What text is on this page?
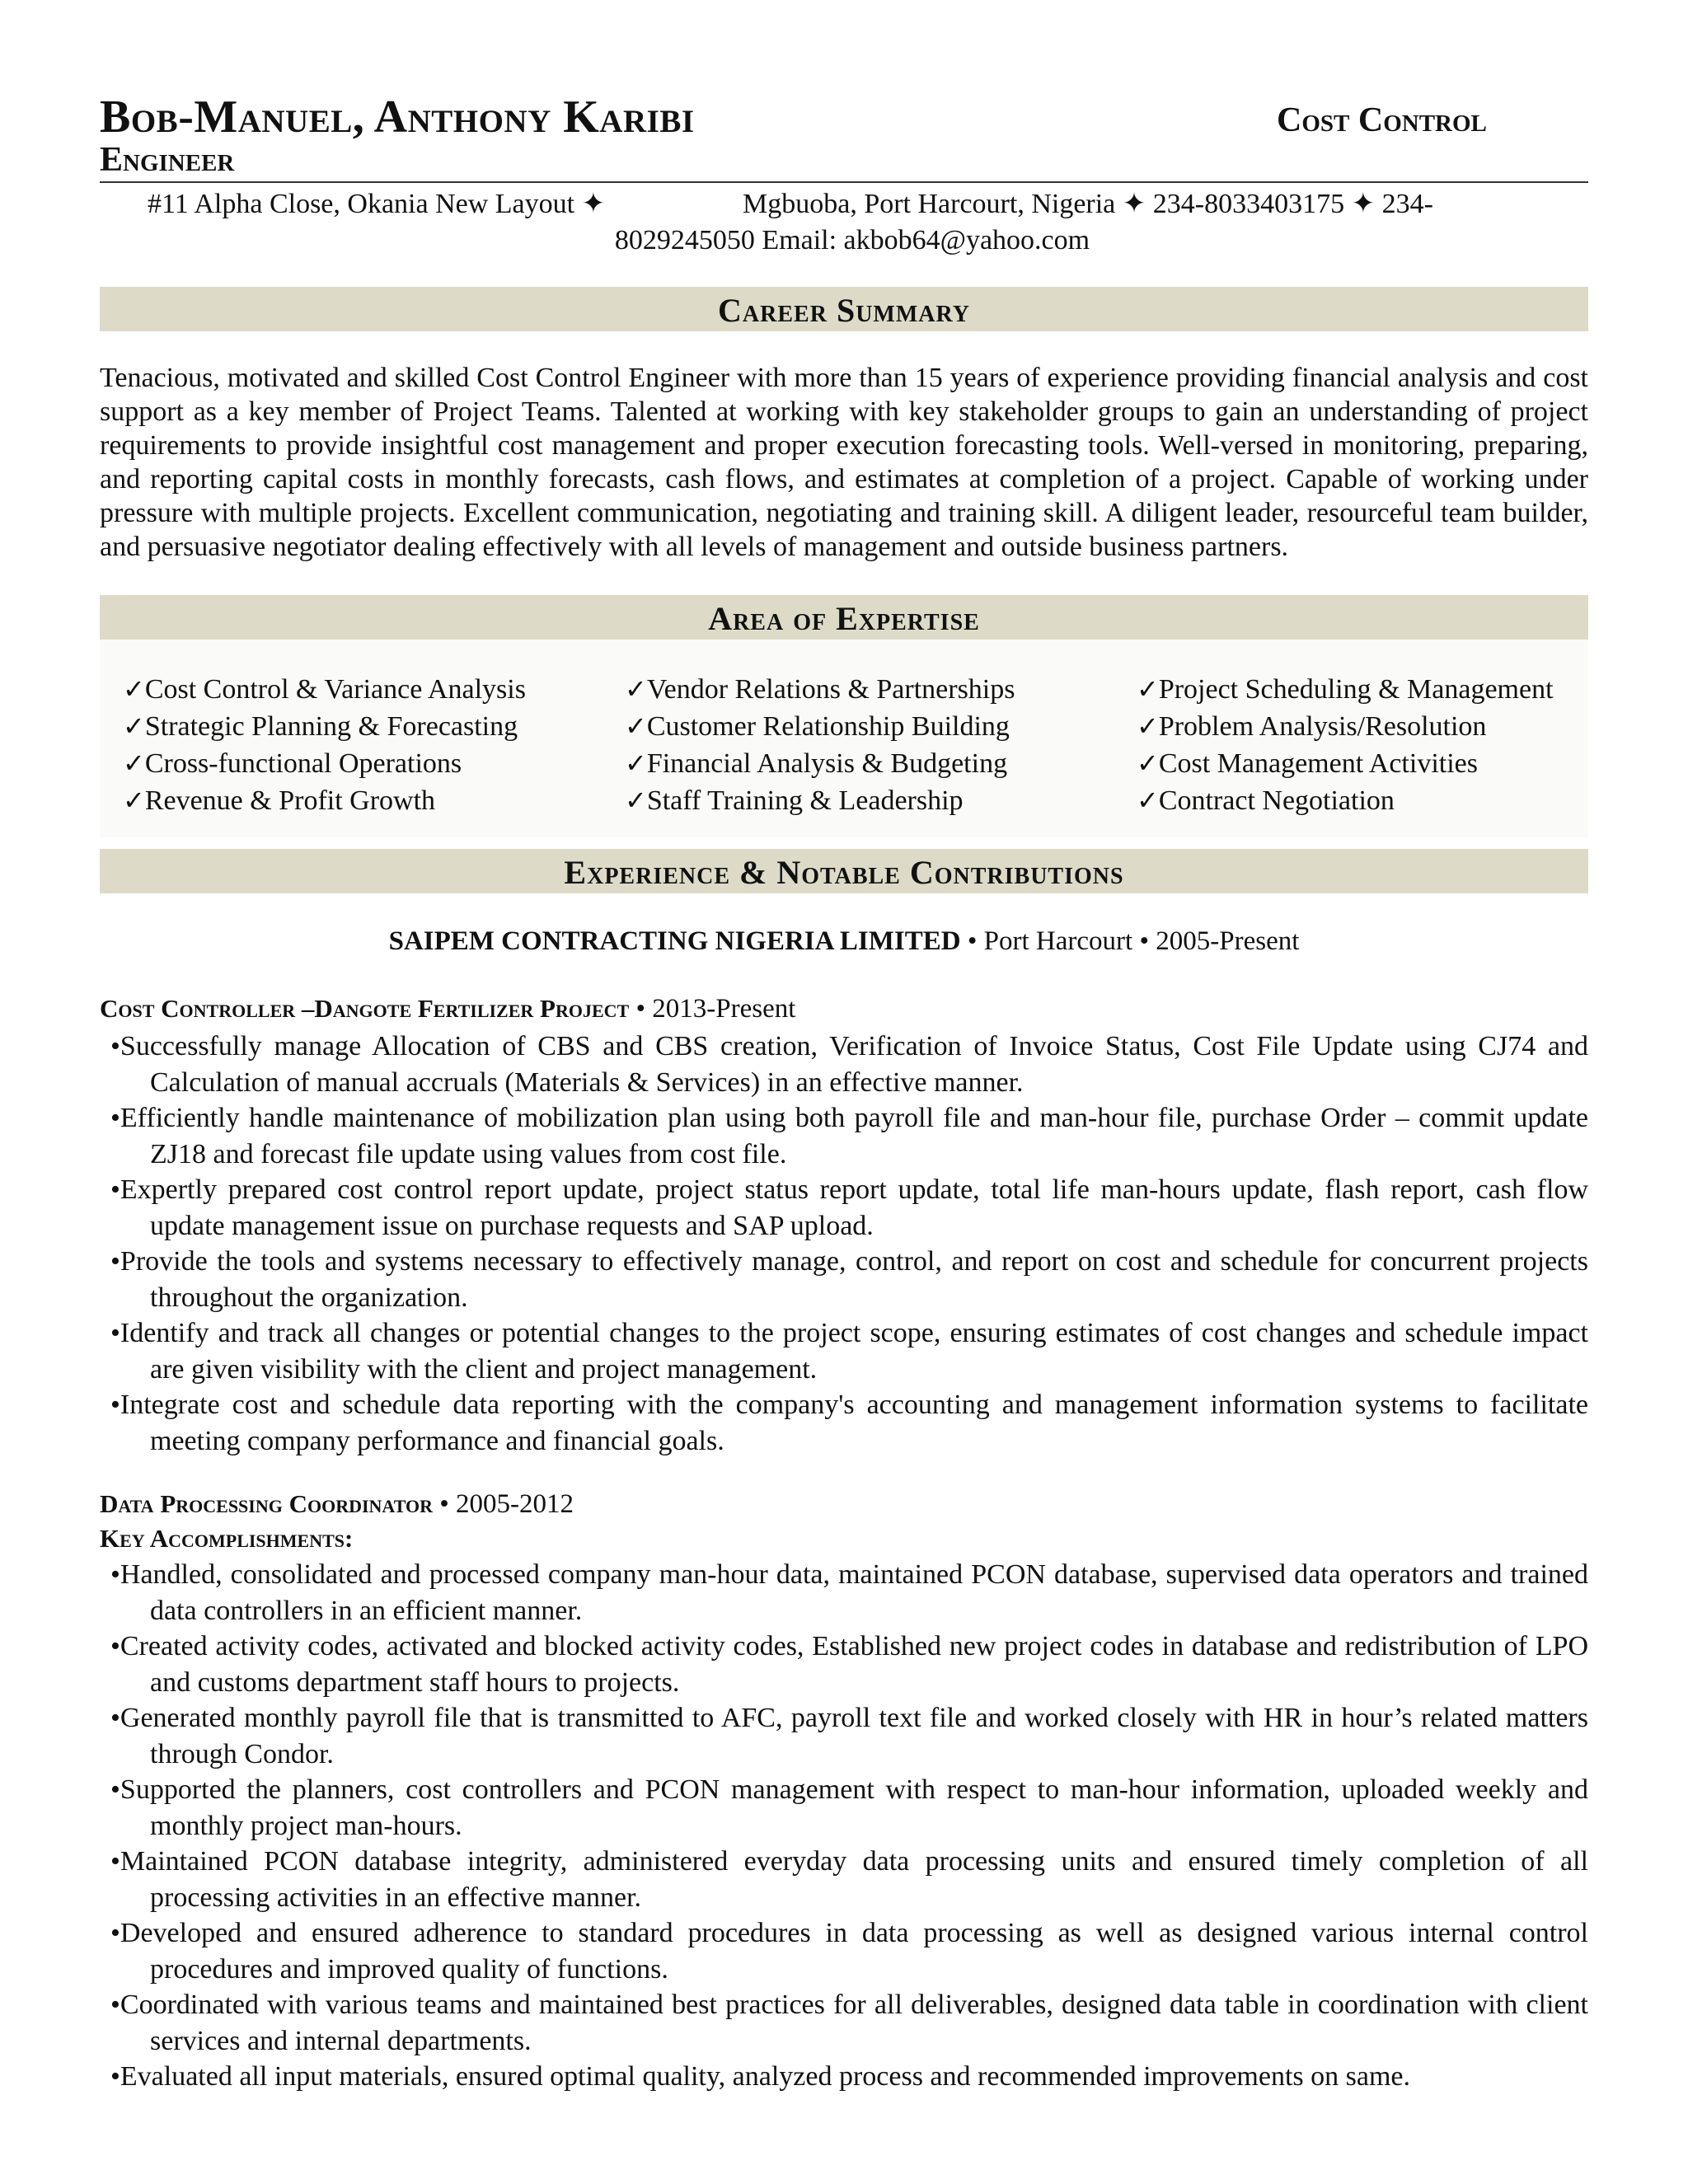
Bob-Manuel, Anthony Karibi	Cost Control
Engineer
#11 Alpha Close, Okania New Layout ✦	Mgbuoba, Port Harcourt, Nigeria ✦ 234-8033403175 ✦ 234-
8029245050 Email: akbob64@yahoo.com
Career Summary
Tenacious, motivated and skilled Cost Control Engineer with more than 15 years of experience providing financial analysis and cost support as a key member of Project Teams. Talented at working with key stakeholder groups to gain an understanding of project requirements to provide insightful cost management and proper execution forecasting tools. Well-versed in monitoring, preparing, and reporting capital costs in monthly forecasts, cash flows, and estimates at completion of a project. Capable of working under pressure with multiple projects. Excellent communication, negotiating and training skill. A diligent leader, resourceful team builder, and persuasive negotiator dealing effectively with all levels of management and outside business partners.
Area of Expertise
✓Cost Control & Variance Analysis
✓Strategic Planning & Forecasting
✓Cross-functional Operations
✓Revenue & Profit Growth
✓Vendor Relations & Partnerships
✓Customer Relationship Building
✓Financial Analysis & Budgeting
✓Staff Training & Leadership
✓Project Scheduling & Management
✓Problem Analysis/Resolution
✓Cost Management Activities
✓Contract Negotiation
Experience & Notable Contributions
SAIPEM CONTRACTING NIGERIA LIMITED • Port Harcourt • 2005-Present
Cost Controller –Dangote Fertilizer Project • 2013-Present
•Successfully manage Allocation of CBS and CBS creation, Verification of Invoice Status, Cost File Update using CJ74 and Calculation of manual accruals (Materials & Services) in an effective manner.
•Efficiently handle maintenance of mobilization plan using both payroll file and man-hour file, purchase Order – commit update ZJ18 and forecast file update using values from cost file.
•Expertly prepared cost control report update, project status report update, total life man-hours update, flash report, cash flow update management issue on purchase requests and SAP upload.
•Provide the tools and systems necessary to effectively manage, control, and report on cost and schedule for concurrent projects throughout the organization.
•Identify and track all changes or potential changes to the project scope, ensuring estimates of cost changes and schedule impact are given visibility with the client and project management.
•Integrate cost and schedule data reporting with the company's accounting and management information systems to facilitate meeting company performance and financial goals.
Data Processing Coordinator • 2005-2012
Key Accomplishments:
•Handled, consolidated and processed company man-hour data, maintained PCON database, supervised data operators and trained data controllers in an efficient manner.
•Created activity codes, activated and blocked activity codes, Established new project codes in database and redistribution of LPO and customs department staff hours to projects.
•Generated monthly payroll file that is transmitted to AFC, payroll text file and worked closely with HR in hour’s related matters through Condor.
•Supported the planners, cost controllers and PCON management with respect to man-hour information, uploaded weekly and monthly project man-hours.
•Maintained PCON database integrity, administered everyday data processing units and ensured timely completion of all processing activities in an effective manner.
•Developed and ensured adherence to standard procedures in data processing as well as designed various internal control procedures and improved quality of functions.
•Coordinated with various teams and maintained best practices for all deliverables, designed data table in coordination with client services and internal departments.
•Evaluated all input materials, ensured optimal quality, analyzed process and recommended improvements on same.
